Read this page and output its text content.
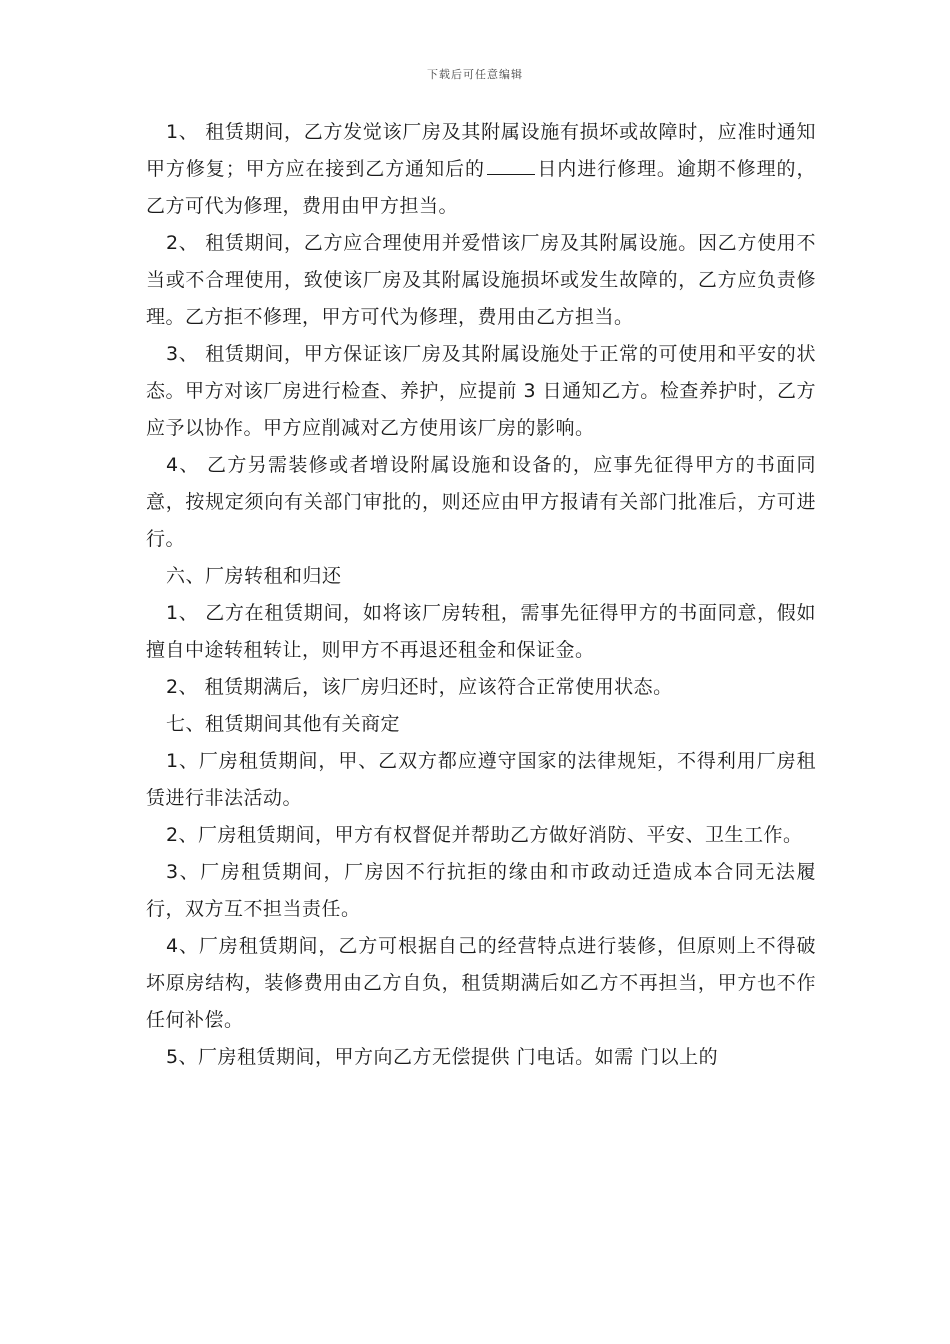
下载后可任意编辑

1、 租赁期间，乙方发觉该厂房及其附属设施有损坏或故障时，应准时通知甲方修复；甲方应在接到乙方通知后的	日内进行修理。逾期不修理的，乙方可代为修理，费用由甲方担当。

2、 租赁期间，乙方应合理使用并爱惜该厂房及其附属设施。因乙方使用不当或不合理使用，致使该厂房及其附属设施损坏或发生故障的，乙方应负责修理。乙方拒不修理，甲方可代为修理，费用由乙方担当。

3、 租赁期间，甲方保证该厂房及其附属设施处于正常的可使用和平安的状态。甲方对该厂房进行检查、养护，应提前 3 日通知乙方。检查养护时，乙方应予以协作。甲方应削减对乙方使用该厂房的影响。

4、 乙方另需装修或者增设附属设施和设备的，应事先征得甲方的书面同意，按规定须向有关部门审批的，则还应由甲方报请有关部门批准后，方可进行。

六、厂房转租和归还

1、 乙方在租赁期间，如将该厂房转租，需事先征得甲方的书面同意，假如擅自中途转租转让，则甲方不再退还租金和保证金。

2、 租赁期满后，该厂房归还时，应该符合正常使用状态。

七、租赁期间其他有关商定

1、厂房租赁期间，甲、乙双方都应遵守国家的法律规矩，不得利用厂房租赁进行非法活动。

2、厂房租赁期间，甲方有权督促并帮助乙方做好消防、平安、卫生工作。

3、厂房租赁期间，厂房因不行抗拒的缘由和市政动迁造成本合同无法履行，双方互不担当责任。

4、厂房租赁期间，乙方可根据自己的经营特点进行装修，但原则上不得破坏原房结构，装修费用由乙方自负，租赁期满后如乙方不再担当，甲方也不作任何补偿。

5、厂房租赁期间，甲方向乙方无偿提供 门电话。如需 门以上的
